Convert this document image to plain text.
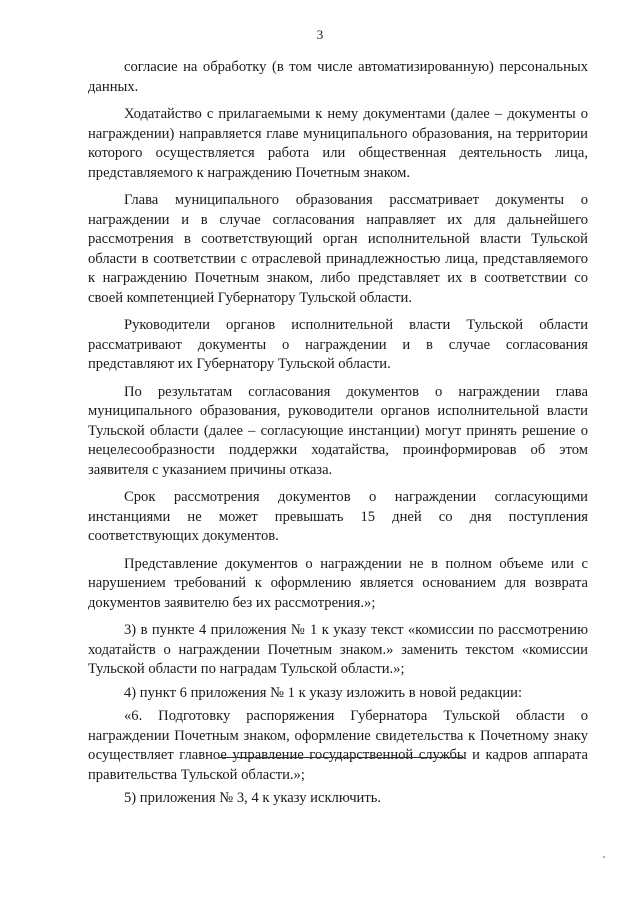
3

согласие на обработку (в том числе автоматизированную) персональных данных.

Ходатайство с прилагаемыми к нему документами (далее – документы о награждении) направляется главе муниципального образования, на территории которого осуществляется работа или общественная деятельность лица, представляемого к награждению Почетным знаком.

Глава муниципального образования рассматривает документы о награждении и в случае согласования направляет их для дальнейшего рассмотрения в соответствующий орган исполнительной власти Тульской области в соответствии с отраслевой принадлежностью лица, представляемого к награждению Почетным знаком, либо представляет их в соответствии со своей компетенцией Губернатору Тульской области.

Руководители органов исполнительной власти Тульской области рассматривают документы о награждении и в случае согласования представляют их Губернатору Тульской области.

По результатам согласования документов о награждении глава муниципального образования, руководители органов исполнительной власти Тульской области (далее – согласующие инстанции) могут принять решение о нецелесообразности поддержки ходатайства, проинформировав об этом заявителя с указанием причины отказа.

Срок рассмотрения документов о награждении согласующими инстанциями не может превышать 15 дней со дня поступления соответствующих документов.

Представление документов о награждении не в полном объеме или с нарушением требований к оформлению является основанием для возврата документов заявителю без их рассмотрения.»;

3) в пункте 4 приложения № 1 к указу текст «комиссии по рассмотрению ходатайств о награждении Почетным знаком.» заменить текстом «комиссии Тульской области по наградам Тульской области.»;

4) пункт 6 приложения № 1 к указу изложить в новой редакции:

«6. Подготовку распоряжения Губернатора Тульской области о награждении Почетным знаком, оформление свидетельства к Почетному знаку осуществляет главное управление государственной службы и кадров аппарата правительства Тульской области.»;

5) приложения № 3, 4 к указу исключить.
